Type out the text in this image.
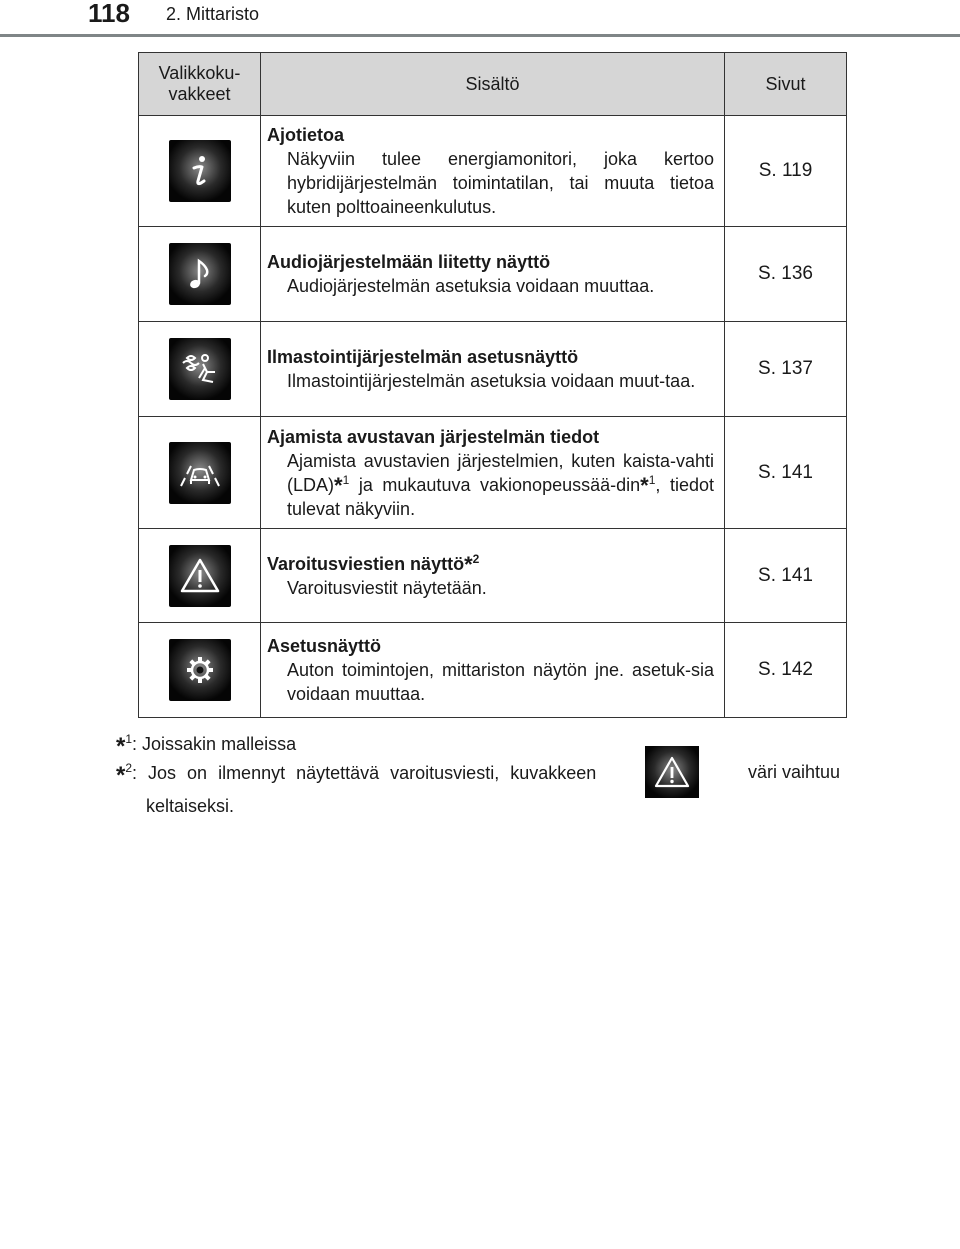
118 2. Mittaristo
Valikkoku-
vakkeet	Sisältö	Sivut

Ajotietoa
Näkyviin tulee energiamonitori, joka kertoo hybridijärjestelmän toimintatilan, tai muuta tietoa kuten polttoaineenkulutus.	S. 119

Audiojärjestelmään liitetty näyttö
Audiojärjestelmän asetuksia voidaan muuttaa.	S. 136

Ilmastointijärjestelmän asetusnäyttö
Ilmastointijärjestelmän asetuksia voidaan muut-taa.	S. 137

Ajamista avustavan järjestelmän tiedot
Ajamista avustavien järjestelmien, kuten kaista-vahti (LDA)$^{*1}$ ja mukautuva vakionopeussää-din$^{*1}$, tiedot tulevat näkyviin.	S. 141

Varoitusviestien näyttö$^{*2}$
Varoitusviestit näytetään.	S. 141

Asetusnäyttö
Auton toimintojen, mittariston näytön jne. asetuk-sia voidaan muuttaa.	S. 142
*$^1$: Joissakin malleissa
*$^2$: Jos on ilmennyt näytettävä varoitusviesti, kuvakkeen	väri vaihtuu
keltaiseksi.
